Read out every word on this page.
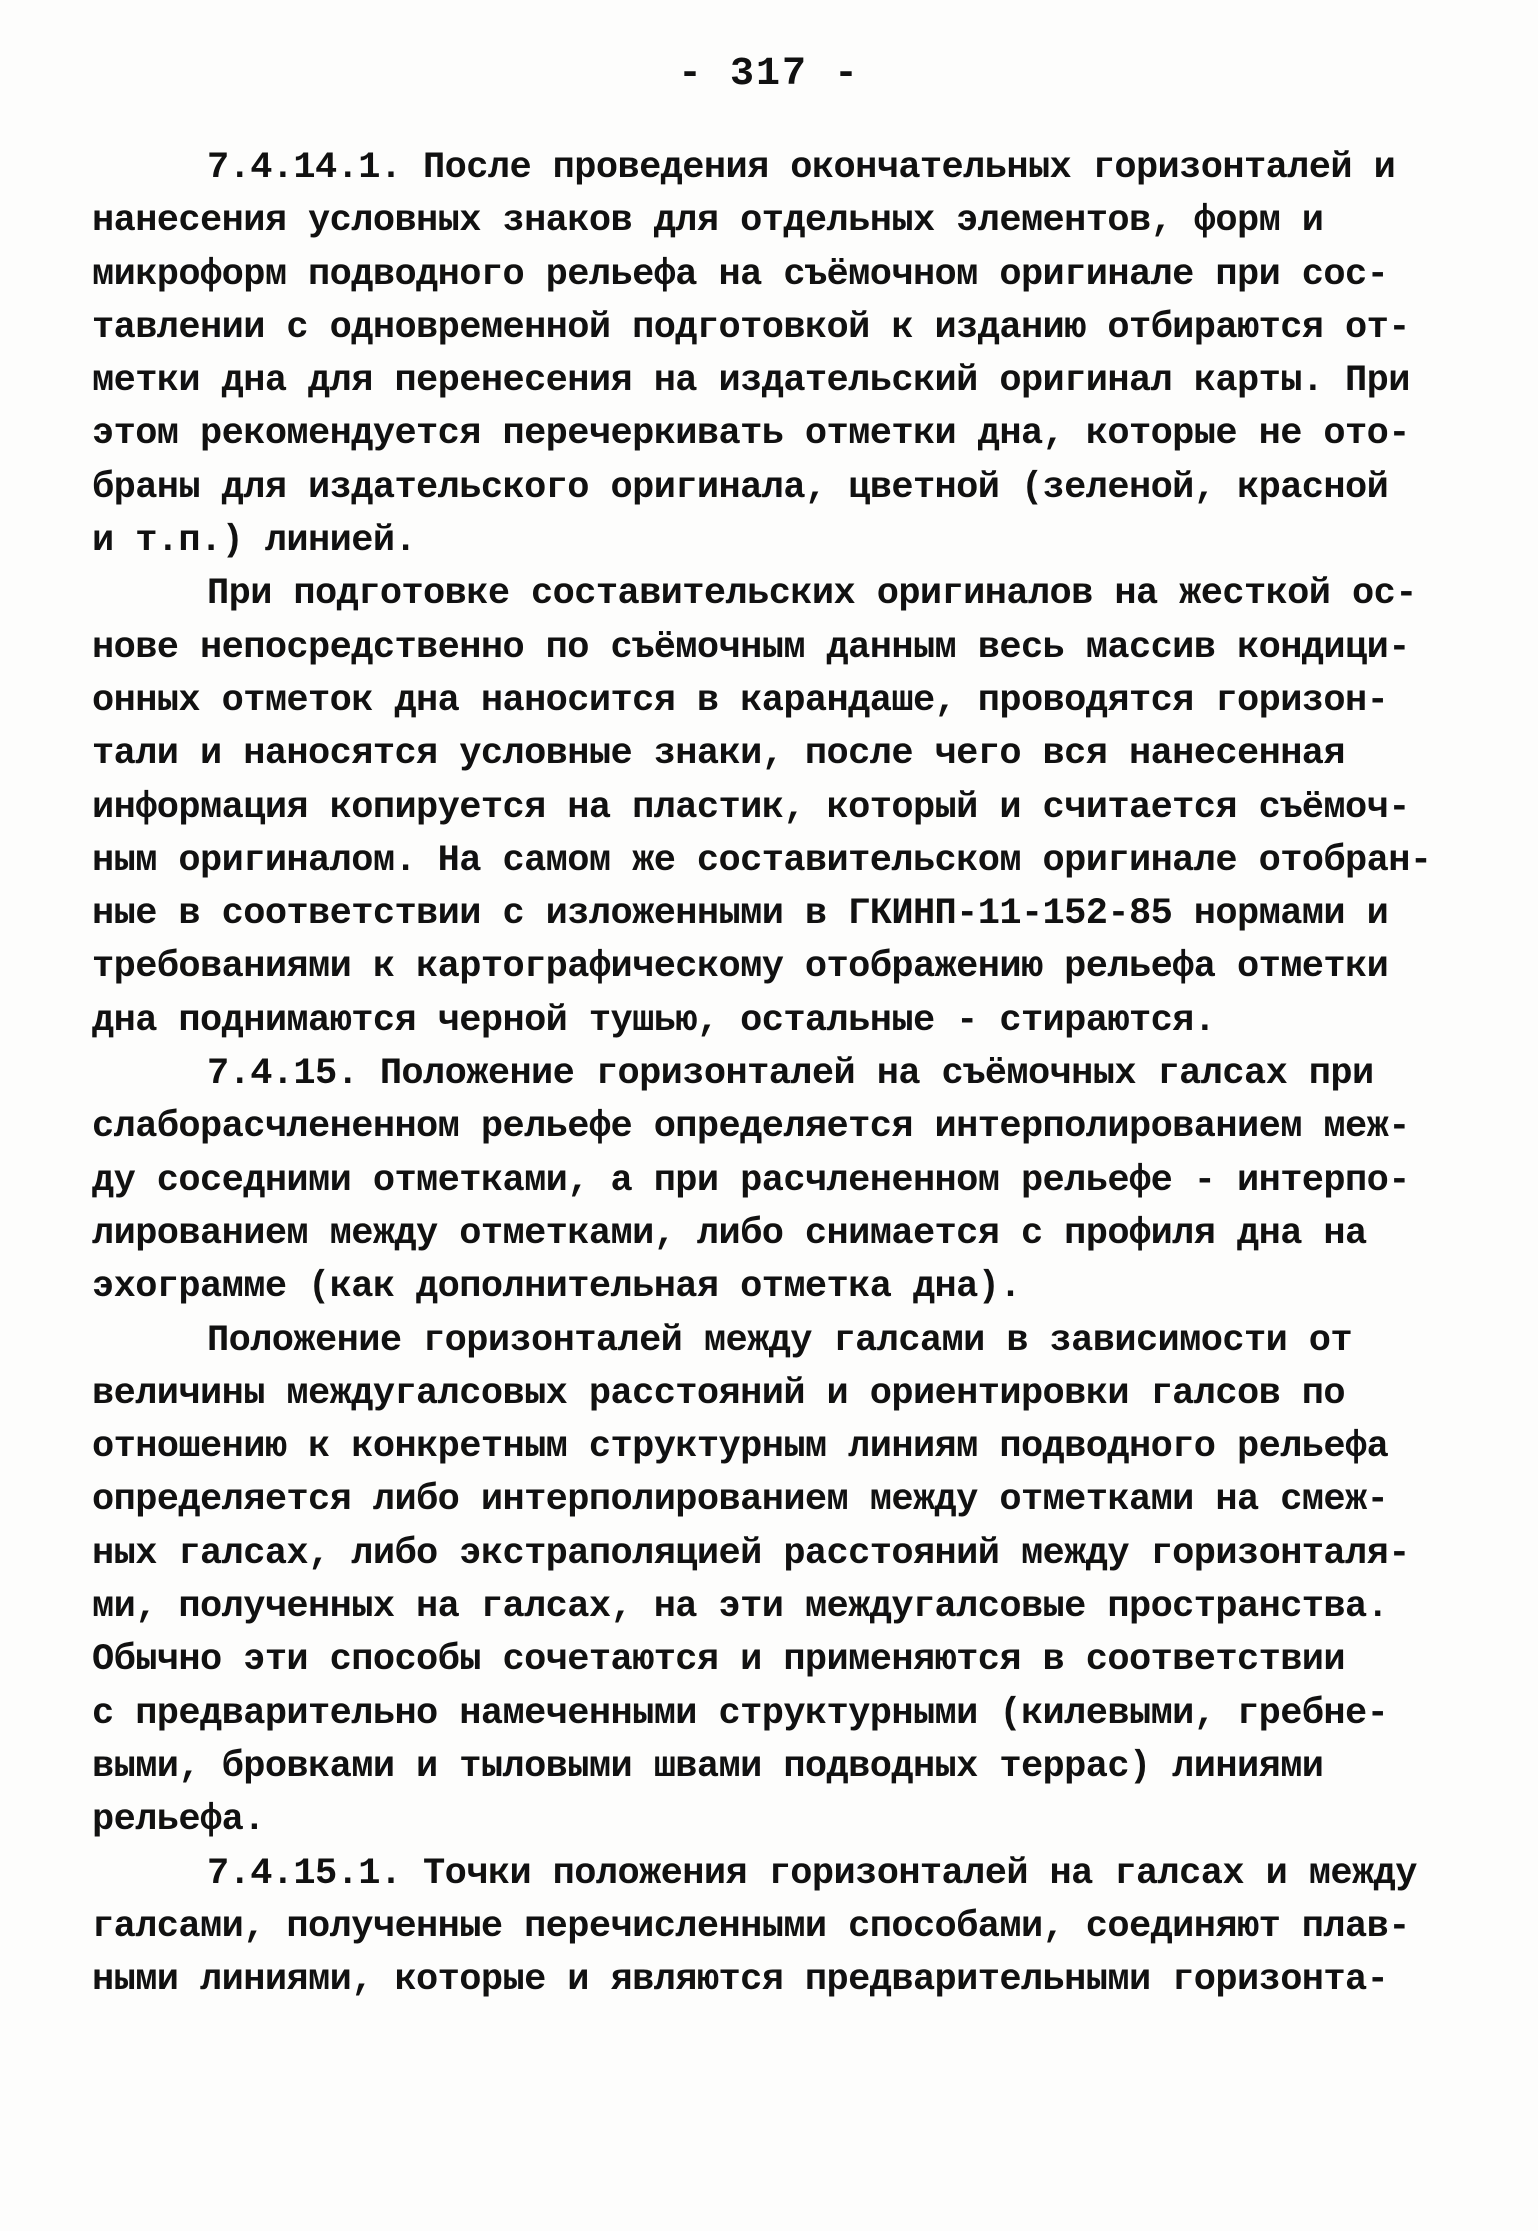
- 317 -
7.4.14.1. После проведения окончательных горизонталей и
нанесения условных знаков для отдельных элементов, форм и
микроформ подводного рельефа на съёмочном оригинале при сос-
тавлении с одновременной подготовкой к изданию отбираются от-
метки дна для перенесения на издательский оригинал карты. При
этом рекомендуется перечеркивать отметки дна, которые не ото-
браны для издательского оригинала, цветной (зеленой, красной
и т.п.) линией.
При подготовке составительских оригиналов на жесткой ос-
нове непосредственно по съёмочным данным весь массив кондици-
онных отметок дна наносится в карандаше, проводятся горизон-
тали и наносятся условные знаки, после чего вся нанесенная
информация копируется на пластик, который и считается съёмоч-
ным оригиналом. На самом же составительском оригинале отобран-
ные в соответствии с изложенными в ГКИНП-11-152-85 нормами и
требованиями к картографическому отображению рельефа отметки
дна поднимаются черной тушью, остальные - стираются.
7.4.15. Положение горизонталей на съёмочных галсах при
слаборасчлененном рельефе определяется интерполированием меж-
ду соседними отметками, а при расчлененном рельефе - интерпо-
лированием между отметками, либо снимается с профиля дна на
эхограмме (как дополнительная отметка дна).
Положение горизонталей между галсами в зависимости от
величины междугалсовых расстояний и ориентировки галсов по
отношению к конкретным структурным линиям подводного рельефа
определяется либо интерполированием между отметками на смеж-
ных галсах, либо экстраполяцией расстояний между горизонталя-
ми, полученных на галсах, на эти междугалсовые пространства.
Обычно эти способы сочетаются и применяются в соответствии
с предварительно намеченными структурными (килевыми, гребне-
выми, бровками и тыловыми швами подводных террас) линиями
рельефа.
7.4.15.1. Точки положения горизонталей на галсах и между
галсами, полученные перечисленными способами, соединяют плав-
ными линиями, которые и являются предварительными горизонта-
